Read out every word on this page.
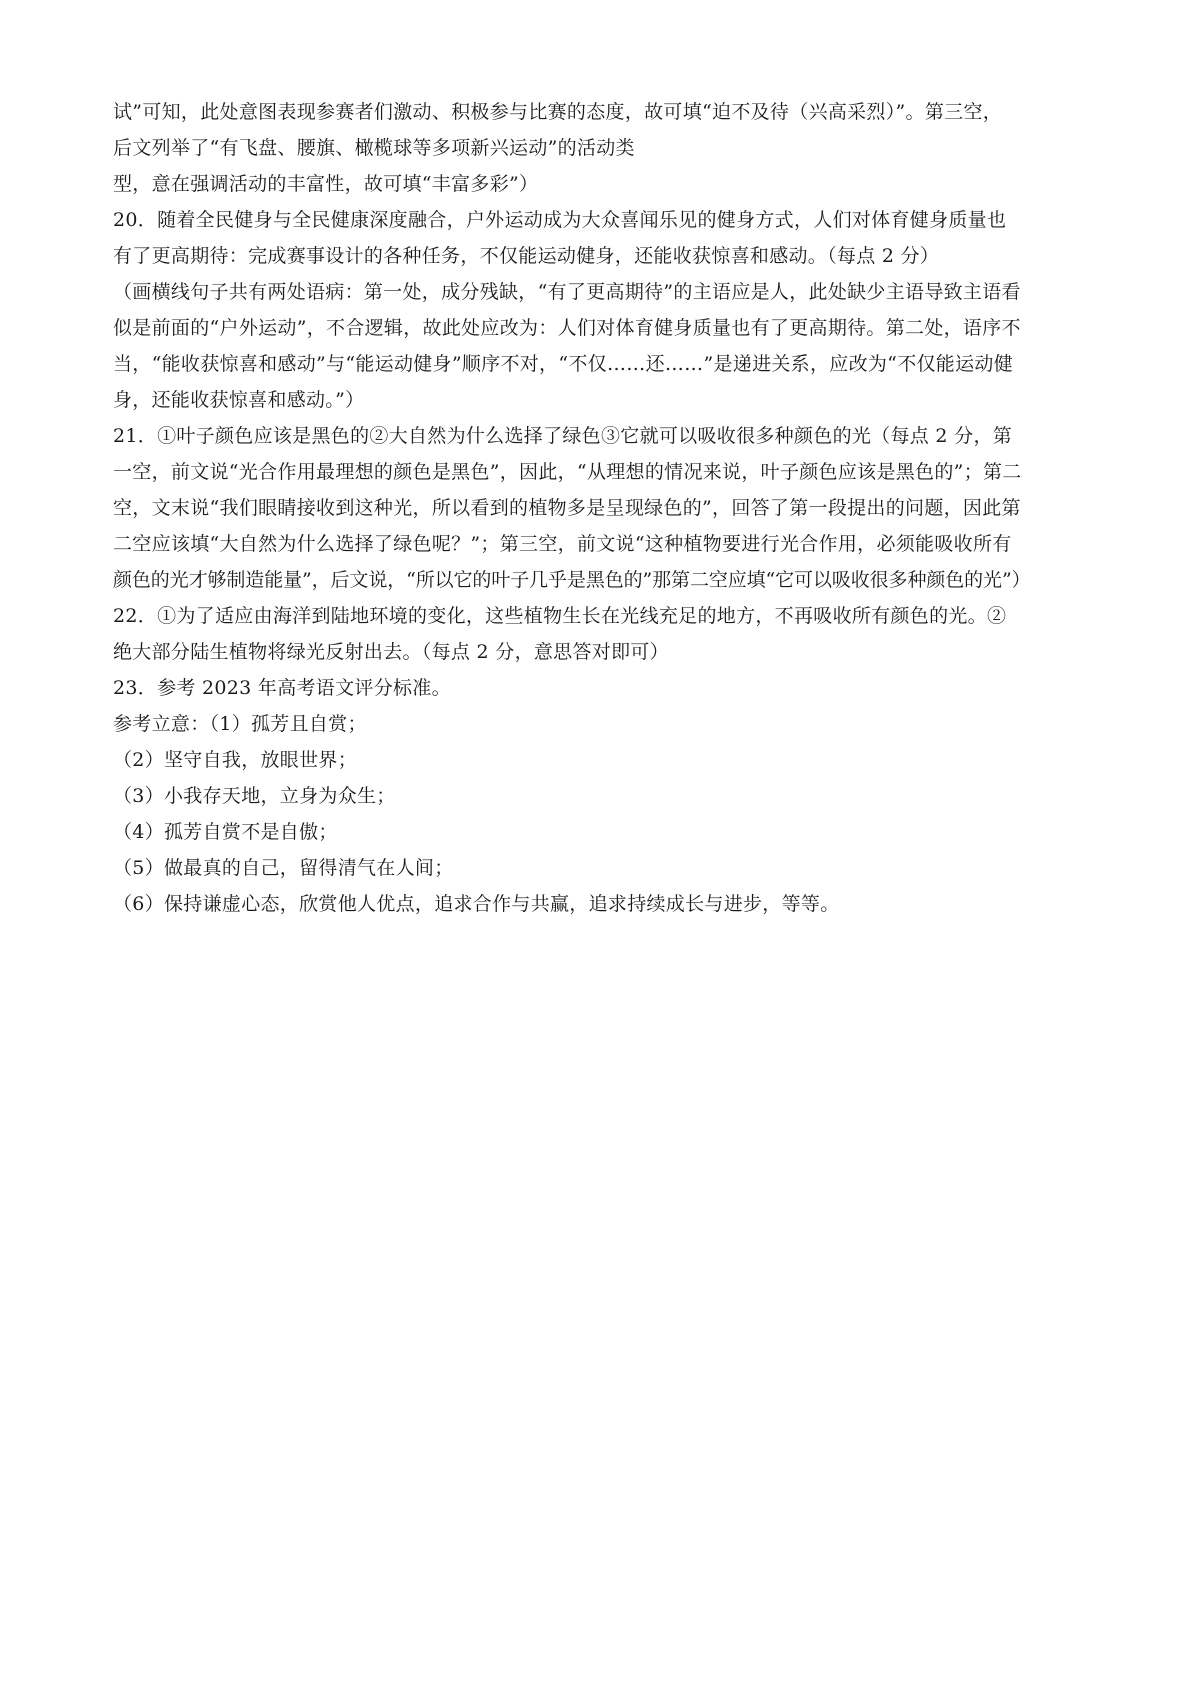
试”可知，此处意图表现参赛者们激动、积极参与比赛的态度，故可填“迫不及待（兴高采烈）”。第三空，
后文列举了“有飞盘、腰旗、橄榄球等多项新兴运动”的活动类
型，意在强调活动的丰富性，故可填“丰富多彩”）
20．随着全民健身与全民健康深度融合，户外运动成为大众喜闻乐见的健身方式，人们对体育健身质量也
有了更高期待：完成赛事设计的各种任务，不仅能运动健身，还能收获惊喜和感动。（每点 2 分）
（画横线句子共有两处语病：第一处，成分残缺，“有了更高期待”的主语应是人，此处缺少主语导致主语看
似是前面的“户外运动”，不合逻辑，故此处应改为：人们对体育健身质量也有了更高期待。第二处，语序不
当，“能收获惊喜和感动”与“能运动健身”顺序不对，“不仅……还……”是递进关系，应改为“不仅能运动健
身，还能收获惊喜和感动。”）
21．①叶子颜色应该是黑色的②大自然为什么选择了绿色③它就可以吸收很多种颜色的光（每点 2 分，第
一空，前文说“光合作用最理想的颜色是黑色”，因此，“从理想的情况来说，叶子颜色应该是黑色的”；第二
空，文末说“我们眼睛接收到这种光，所以看到的植物多是呈现绿色的”，回答了第一段提出的问题，因此第
二空应该填“大自然为什么选择了绿色呢？”；第三空，前文说“这种植物要进行光合作用，必须能吸收所有
颜色的光才够制造能量”，后文说，“所以它的叶子几乎是黑色的”那第二空应填“它可以吸收很多种颜色的光”）
22．①为了适应由海洋到陆地环境的变化，这些植物生长在光线充足的地方，不再吸收所有颜色的光。②
绝大部分陆生植物将绿光反射出去。（每点 2 分，意思答对即可）
23．参考 2023 年高考语文评分标准。
参考立意：（1）孤芳且自赏；
（2）坚守自我，放眼世界；
（3）小我存天地，立身为众生；
（4）孤芳自赏不是自傲；
（5）做最真的自己，留得清气在人间；
（6）保持谦虚心态，欣赏他人优点，追求合作与共赢，追求持续成长与进步，等等。
